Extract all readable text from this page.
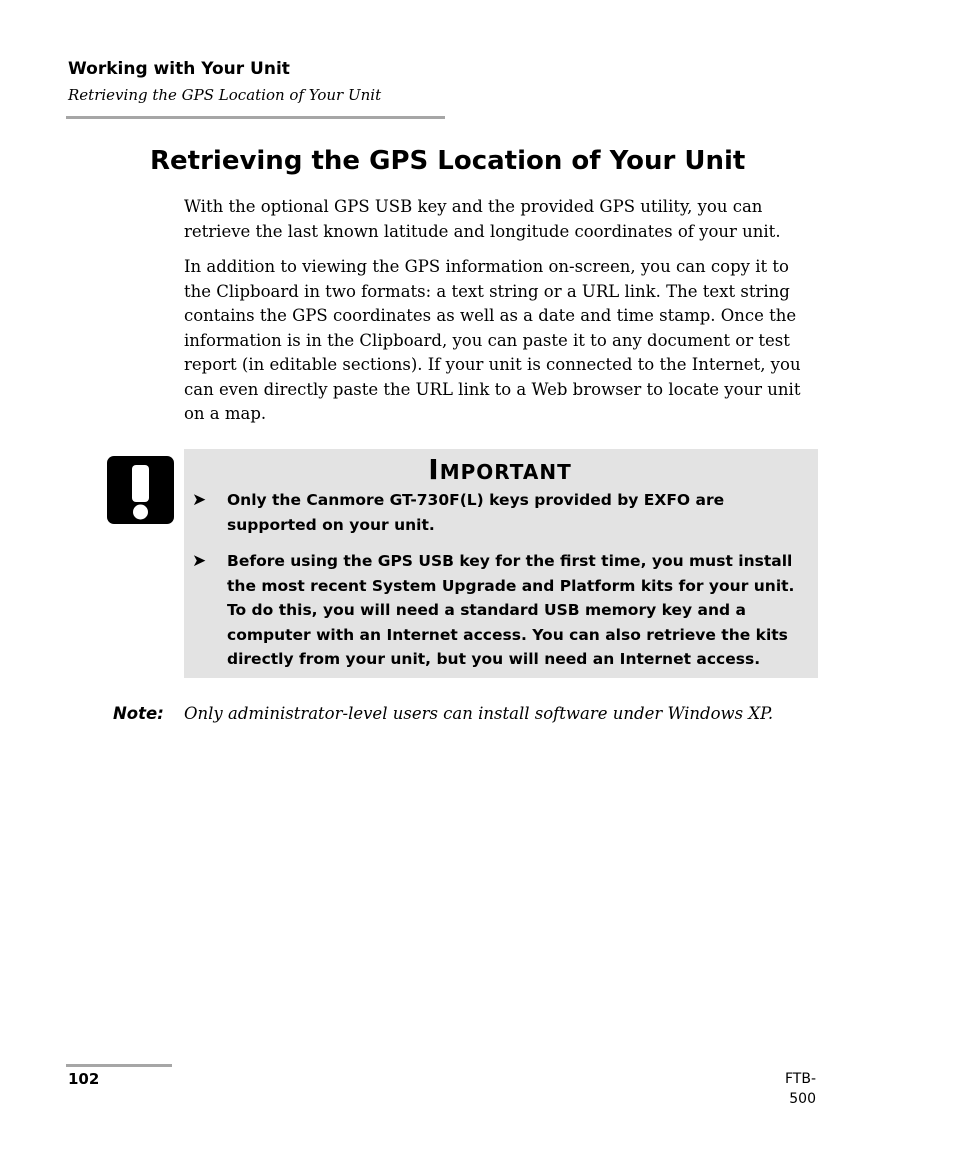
Working with Your Unit
Retrieving the GPS Location of Your Unit
Retrieving the GPS Location of Your Unit

With the optional GPS USB key and the provided GPS utility, you can retrieve the last known latitude and longitude coordinates of your unit.

In addition to viewing the GPS information on-screen, you can copy it to the Clipboard in two formats: a text string or a URL link. The text string contains the GPS coordinates as well as a date and time stamp. Once the information is in the Clipboard, you can paste it to any document or test report (in editable sections). If your unit is connected to the Internet, you can even directly paste the URL link to a Web browser to locate your unit on a map.

Important
➤ Only the Canmore GT-730F(L) keys provided by EXFO are supported on your unit.
➤ Before using the GPS USB key for the first time, you must install the most recent System Upgrade and Platform kits for your unit. To do this, you will need a standard USB memory key and a computer with an Internet access. You can also retrieve the kits directly from your unit, but you will need an Internet access.
Note: Only administrator-level users can install software under Windows XP.
102	FTB-500
